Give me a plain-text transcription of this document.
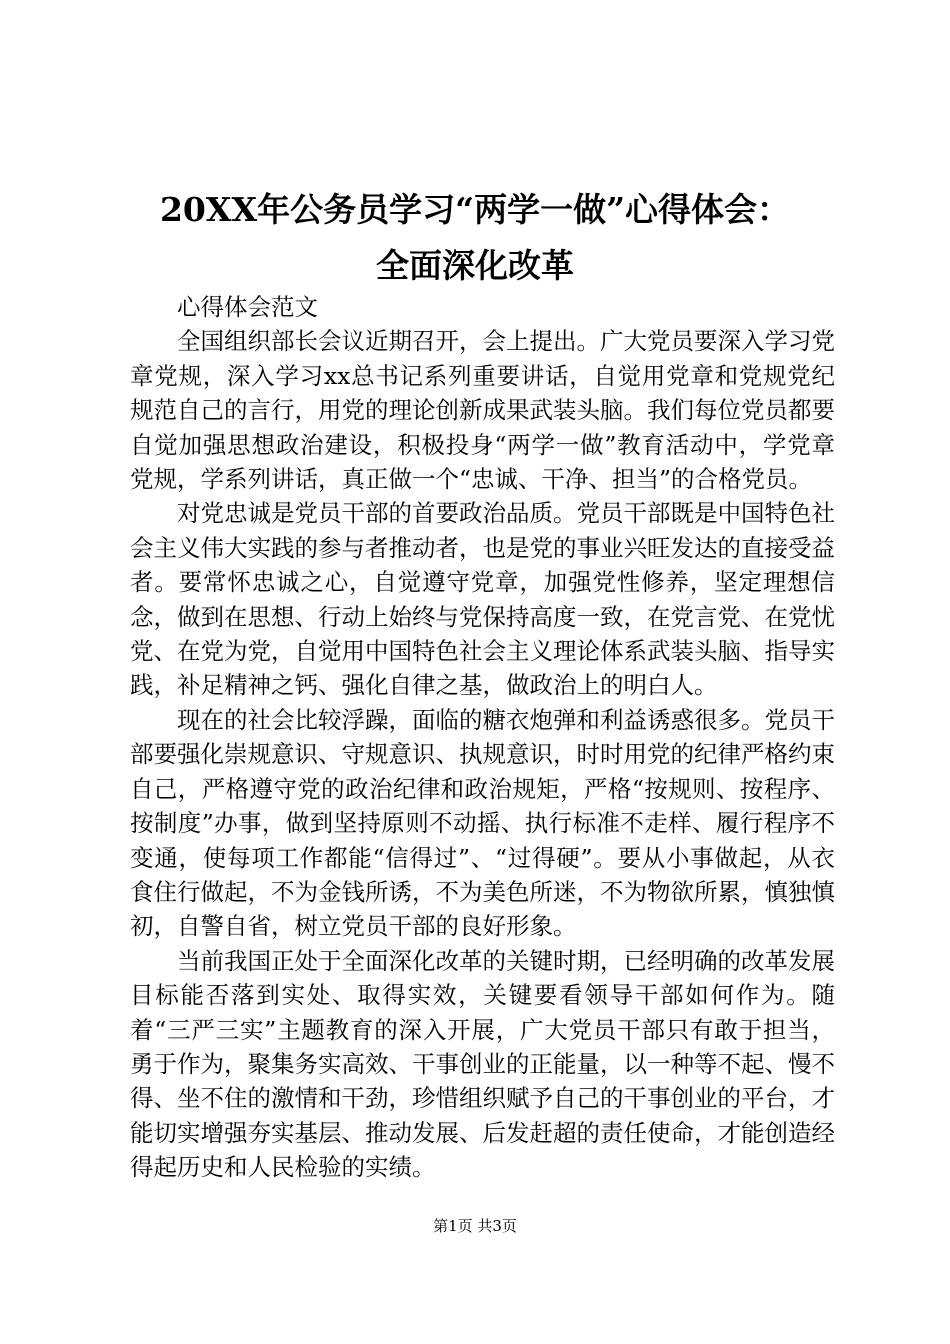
20XX年公务员学习“两学一做”心得体会：
全面深化改革

心得体会范文

全国组织部长会议近期召开，会上提出。广大党员要深入学习党章党规，深入学习xx总书记系列重要讲话，自觉用党章和党规党纪规范自己的言行，用党的理论创新成果武装头脑。我们每位党员都要自觉加强思想政治建设，积极投身“两学一做”教育活动中，学党章党规，学系列讲话，真正做一个“忠诚、干净、担当”的合格党员。

对党忠诚是党员干部的首要政治品质。党员干部既是中国特色社会主义伟大实践的参与者推动者，也是党的事业兴旺发达的直接受益者。要常怀忠诚之心，自觉遵守党章，加强党性修养，坚定理想信念，做到在思想、行动上始终与党保持高度一致，在党言党、在党忧党、在党为党，自觉用中国特色社会主义理论体系武装头脑、指导实践，补足精神之钙、强化自律之基，做政治上的明白人。

现在的社会比较浮躁，面临的糖衣炮弹和利益诱惑很多。党员干部要强化崇规意识、守规意识、执规意识，时时用党的纪律严格约束自己，严格遵守党的政治纪律和政治规矩，严格“按规则、按程序、按制度”办事，做到坚持原则不动摇、执行标准不走样、履行程序不变通，使每项工作都能“信得过”、“过得硬”。要从小事做起，从衣食住行做起，不为金钱所诱，不为美色所迷，不为物欲所累，慎独慎初，自警自省，树立党员干部的良好形象。

当前我国正处于全面深化改革的关键时期，已经明确的改革发展目标能否落到实处、取得实效，关键要看领导干部如何作为。随着“三严三实”主题教育的深入开展，广大党员干部只有敢于担当，勇于作为，聚集务实高效、干事创业的正能量，以一种等不起、慢不得、坐不住的激情和干劲，珍惜组织赋予自己的干事创业的平台，才能切实增强夯实基层、推动发展、后发赶超的责任使命，才能创造经得起历史和人民检验的实绩。

第1页 共3页
